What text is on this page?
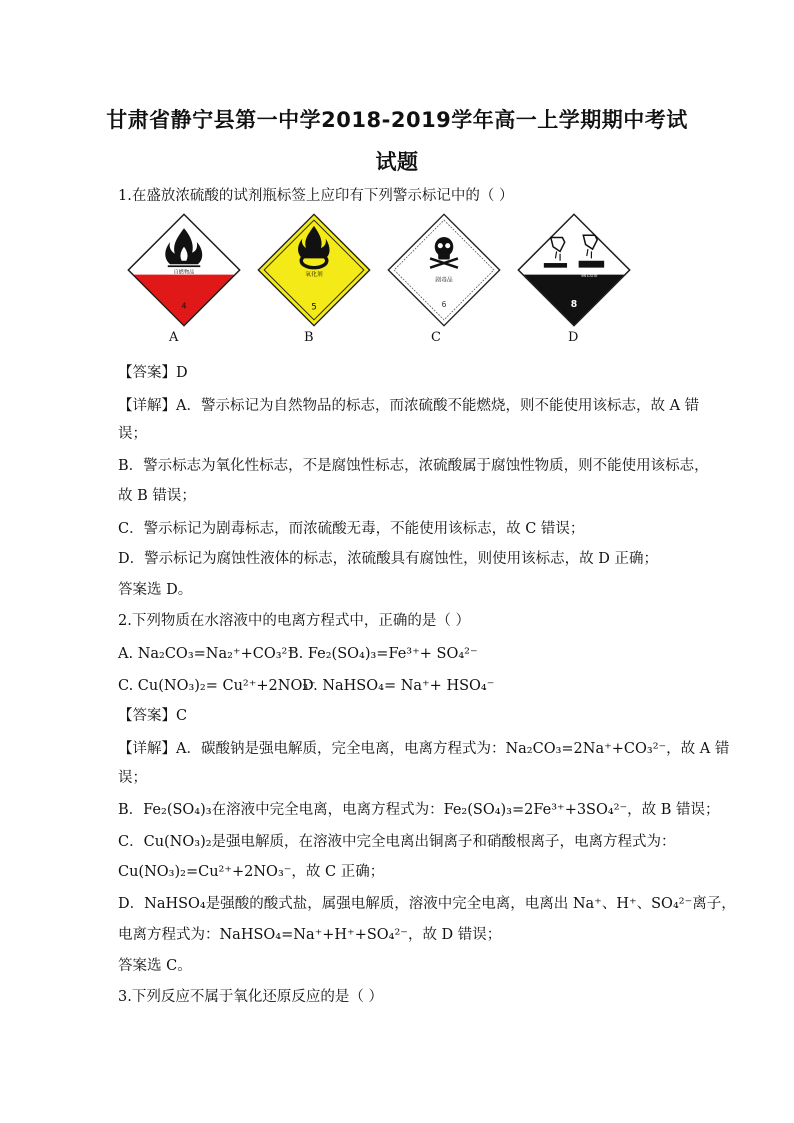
甘肃省静宁县第一中学2018-2019学年高一上学期期中考试
试题
1.在盛放浓硫酸的试剂瓶标签上应印有下列警示标记中的（ ）
自燃物品
4
氧化剂
5
剧毒品
6
腐蚀品
8
A	B	C	D
【答案】D
【详解】A．警示标记为自然物品的标志，而浓硫酸不能燃烧，则不能使用该标志，故 A 错
误；
B．警示标志为氧化性标志，不是腐蚀性标志，浓硫酸属于腐蚀性物质，则不能使用该标志，
故 B 错误；
C．警示标记为剧毒标志，而浓硫酸无毒，不能使用该标志，故 C 错误；
D．警示标记为腐蚀性液体的标志，浓硫酸具有腐蚀性，则使用该标志，故 D 正确；
答案选 D。
2.下列物质在水溶液中的电离方程式中，正确的是（ ）
A. Na₂CO₃=Na₂⁺+CO₃²⁻
B. Fe₂(SO₄)₃=Fe³⁺+ SO₄²⁻
C. Cu(NO₃)₂= Cu²⁺+2NO₃⁻
D. NaHSO₄= Na⁺+ HSO₄⁻
【答案】C
【详解】A．碳酸钠是强电解质，完全电离，电离方程式为：Na₂CO₃=2Na⁺+CO₃²⁻，故 A 错
误；
B．Fe₂(SO₄)₃在溶液中完全电离，电离方程式为：Fe₂(SO₄)₃=2Fe³⁺+3SO₄²⁻，故 B 错误；
C．Cu(NO₃)₂是强电解质，在溶液中完全电离出铜离子和硝酸根离子，电离方程式为：
Cu(NO₃)₂=Cu²⁺+2NO₃⁻，故 C 正确；
D．NaHSO₄是强酸的酸式盐，属强电解质，溶液中完全电离，电离出 Na⁺、H⁺、SO₄²⁻离子，
电离方程式为：NaHSO₄=Na⁺+H⁺+SO₄²⁻，故 D 错误；
答案选 C。
3.下列反应不属于氧化还原反应的是（ ）
